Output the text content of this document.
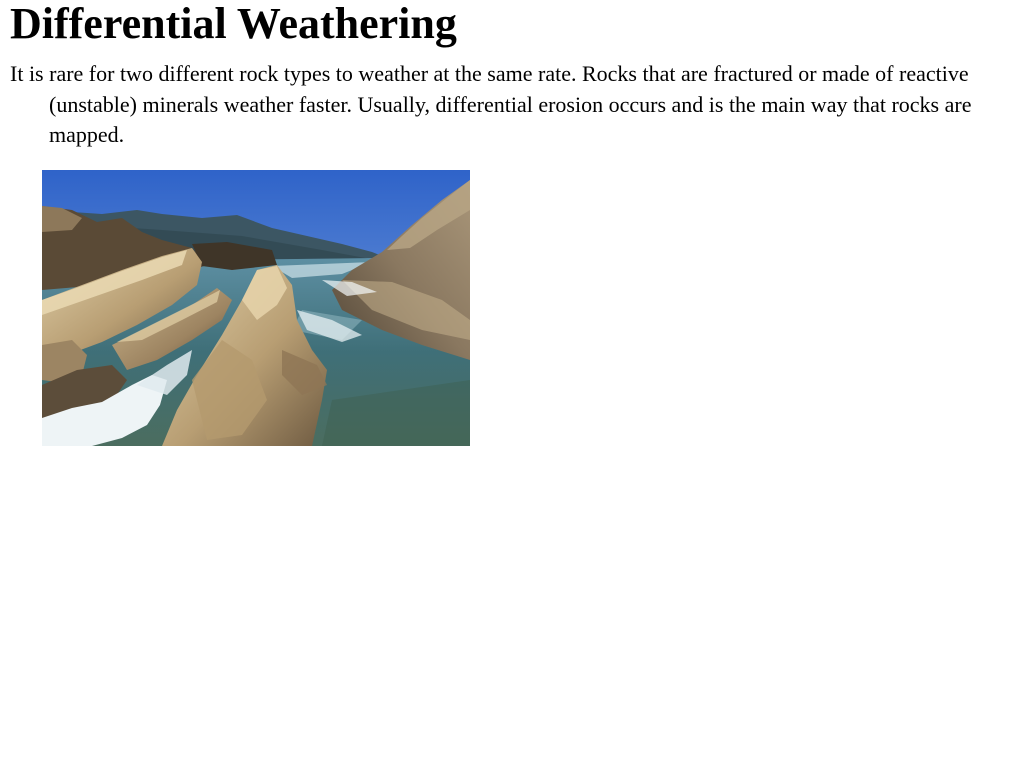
Differential Weathering

It is rare for two different rock types to weather at the same rate. Rocks that are fractured or made of reactive (unstable) minerals weather faster. Usually, differential erosion occurs and is the main way that rocks are mapped.
